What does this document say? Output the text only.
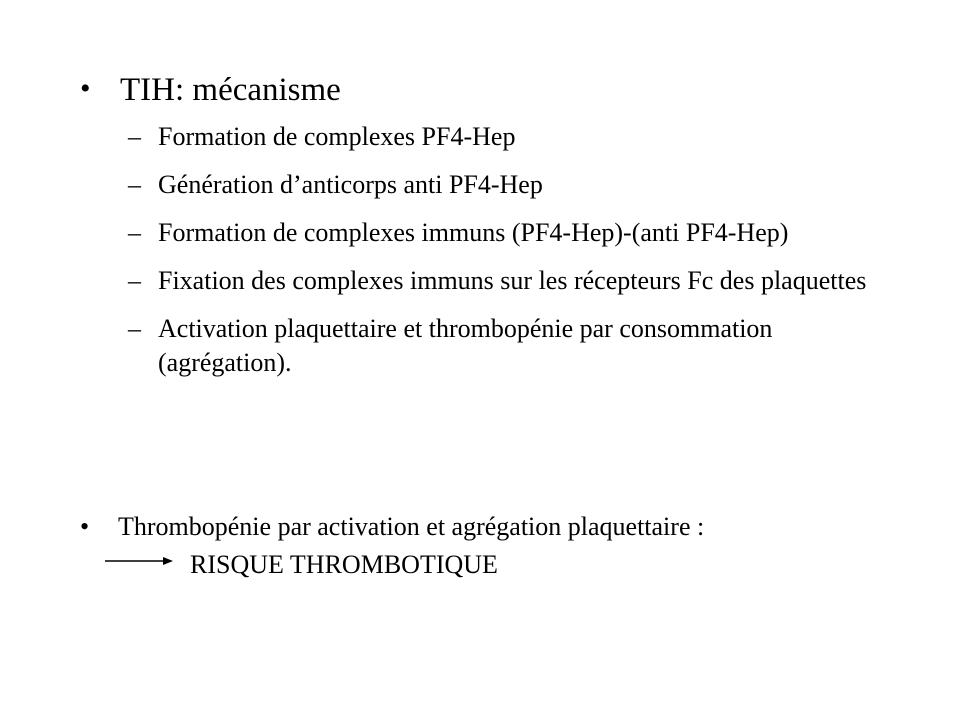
• TIH: mécanisme
– Formation de complexes PF4-Hep
– Génération d’anticorps anti PF4-Hep
– Formation de complexes immuns (PF4-Hep)-(anti PF4-Hep)
– Fixation des complexes immuns sur les récepteurs Fc des plaquettes
– Activation plaquettaire et thrombopénie par consommation (agrégation).
• Thrombopénie par activation et agrégation plaquettaire :
RISQUE THROMBOTIQUE
